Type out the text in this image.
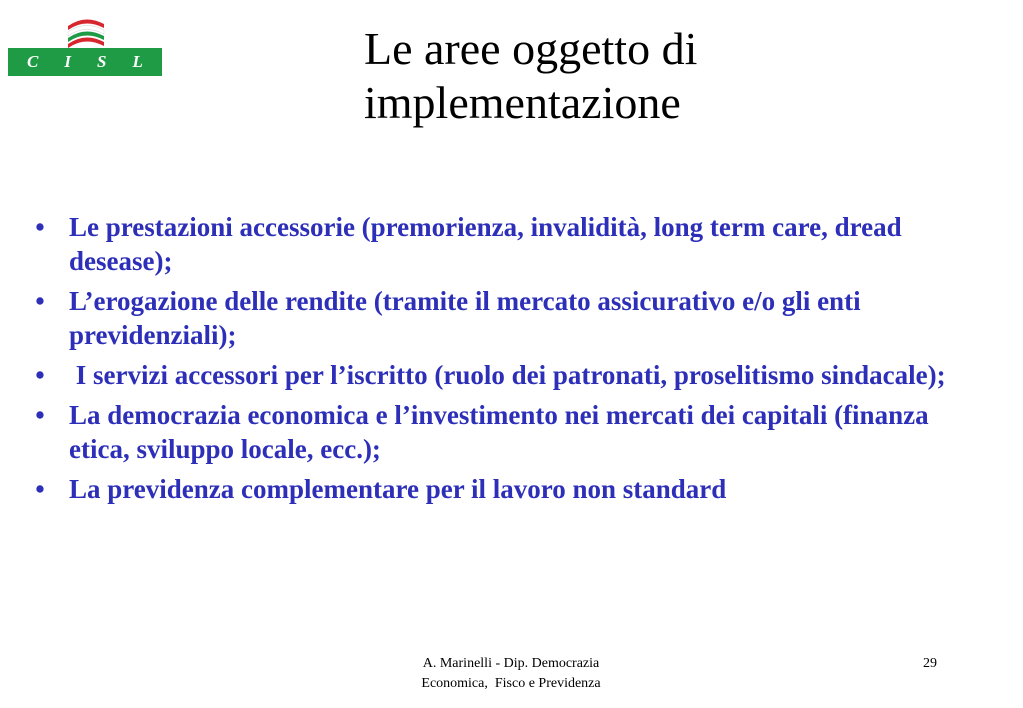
C I S L	Le aree oggetto di implementazione
• Le prestazioni accessorie (premorienza, invalidità, long term care, dread desease);
• L’erogazione delle rendite (tramite il mercato assicurativo e/o gli enti previdenziali);
• I servizi accessori per l’iscritto (ruolo dei patronati, proselitismo sindacale);
• La democrazia economica e l’investimento nei mercati dei capitali (finanza etica, sviluppo locale, ecc.);
• La previdenza complementare per il lavoro non standard
A. Marinelli - Dip. Democrazia
Economica,  Fisco e Previdenza
29
